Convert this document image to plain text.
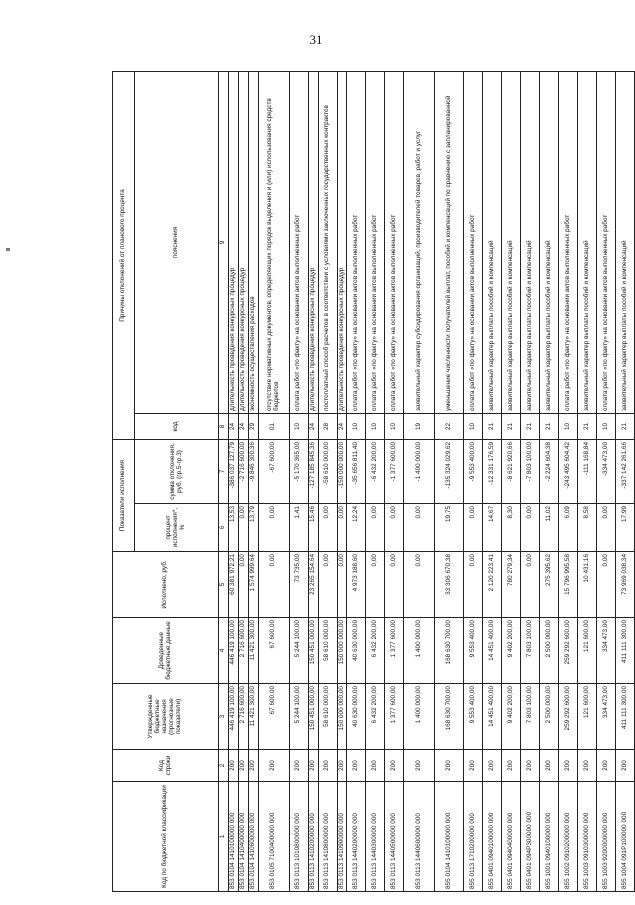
31
Код по бюджетной классификации	Код строки	Утвержденные бюджетные назначения (прогнозные показатели)	Доведенные бюджетные данные	Исполнено, руб.	Показатели исполнения		Причины отклонений от планового процента	
					процент исполнения*, %	сумма отклонения, руб. (гр.5-гр.3)	код	пояснения
1	2	3	4	5	6	7	8	9
853 0104 1410100000 000	200	446 419 100,00	446 419 100,00	60 381 972,21	13,53	-386 037 127,79	24	длительность проведения конкурсных процедур
853 0104 1410400000 000	200	2 716 600,00	2 716 600,00	0,00	0,00	-2 716 600,00	24	длительность проведения конкурсных процедур
853 0104 1410600000 000	200	11 421 300,00	11 421 300,00	1 574 999,64	13,79	-9 846 300,36	29	экономность осуществления расходов
853 0105 7100400000 000	200	67 600,00	67 600,00	0,00	0,00	-67 600,00	01	отсутствие нормативных документов, определяющих порядок выделения и (или) использования средств бюджетов
853 0113 1010800000 000	200	5 244 100,00	5 244 100,00	73 735,00	1,41	-5 170 365,00	10	оплата работ «по факту» на основании актов выполненных работ
853 0113 1410200000 000	200	150 451 000,00	150 451 000,00	23 265 154,64	15,46	-127 185 845,36	24	длительность проведения конкурсных процедур
853 0113 1410800000 000	200	58 610 000,00	58 610 000,00	0,00	0,00	-58 610 000,00	28	постоплатный способ расчетов в соответствии с условиями заключенных государственных контрактов
853 0113 1410900000 000	200	150 000 000,00	150 000 000,00	0,00	0,00	-150 000 000,00	24	длительность проведения конкурсных процедур
853 0113 1440200000 000	200	40 630 000,00	40 630 000,00	4 973 188,60	12,24	-35 656 811,40	10	оплата работ «по факту» на основании актов выполненных работ
853 0113 1440300000 000	200	6 432 200,00	6 432 200,00	0,00	0,00	-6 432 200,00	10	оплата работ «по факту» на основании актов выполненных работ
853 0113 1440500000 000	200	1 377 600,00	1 377 600,00	0,00	0,00	-1 377 600,00	10	оплата работ «по факту» на основании актов выполненных работ
853 0113 1440600000 000	200	1 400 000,00	1 400 000,00	0,00	0,00	-1 400 000,00	19	заявительный характер субсидирования организаций, производителей товаров, работ и услуг
855 0104 1410100000 000	200	168 630 700,00	168 630 700,00	33 306 670,38	19,75	-135 324 029,62	22	уменьшение численности получателей выплат, пособий и компенсаций по сравнению с запланированной
855 0113 1710200000 000	200	9 553 400,00	9 553 400,00	0,00	0,00	-9 553 400,00	10	оплата работ «по факту» на основании актов выполненных работ
855 0401 0940100000 000	200	14 451 400,00	14 451 400,00	2 120 223,41	14,67	-12 331 176,59	21	заявительный характер выплаты пособий и компенсаций
855 0401 0940400000 000	200	9 402 200,00	9 402 200,00	780 279,34	8,30	-8 621 920,66	21	заявительный характер выплаты пособий и компенсаций
855 0401 094P300000 000	200	7 803 100,00	7 803 100,00	0,00	0,00	-7 803 100,00	21	заявительный характер выплаты пособий и компенсаций
855 1001 0940100000 000	200	2 500 000,00	2 500 000,00	275 395,62	11,02	-2 224 604,38	21	заявительный характер выплаты пособий и компенсаций
855 1002 0910200000 000	200	259 292 600,00	259 292 600,00	15 796 995,58	6,09	-243 495 604,42	10	оплата работ «по факту» на основании актов выполненных работ
855 1003 0910300000 000	200	121 600,00	121 600,00	10 431,16	8,58	-111 168,84	21	заявительный характер выплаты пособий и компенсаций
855 1003 9200000000 000	200	334 473,00	334 473,00	0,00	0,00	-334 473,00	10	оплата работ «по факту» на основании актов выполненных работ
855 1004 091P100000 000	200	411 111 300,00	411 111 300,00	73 969 038,34	17,99	-337 142 261,66	21	заявительный характер выплаты пособий и компенсаций
